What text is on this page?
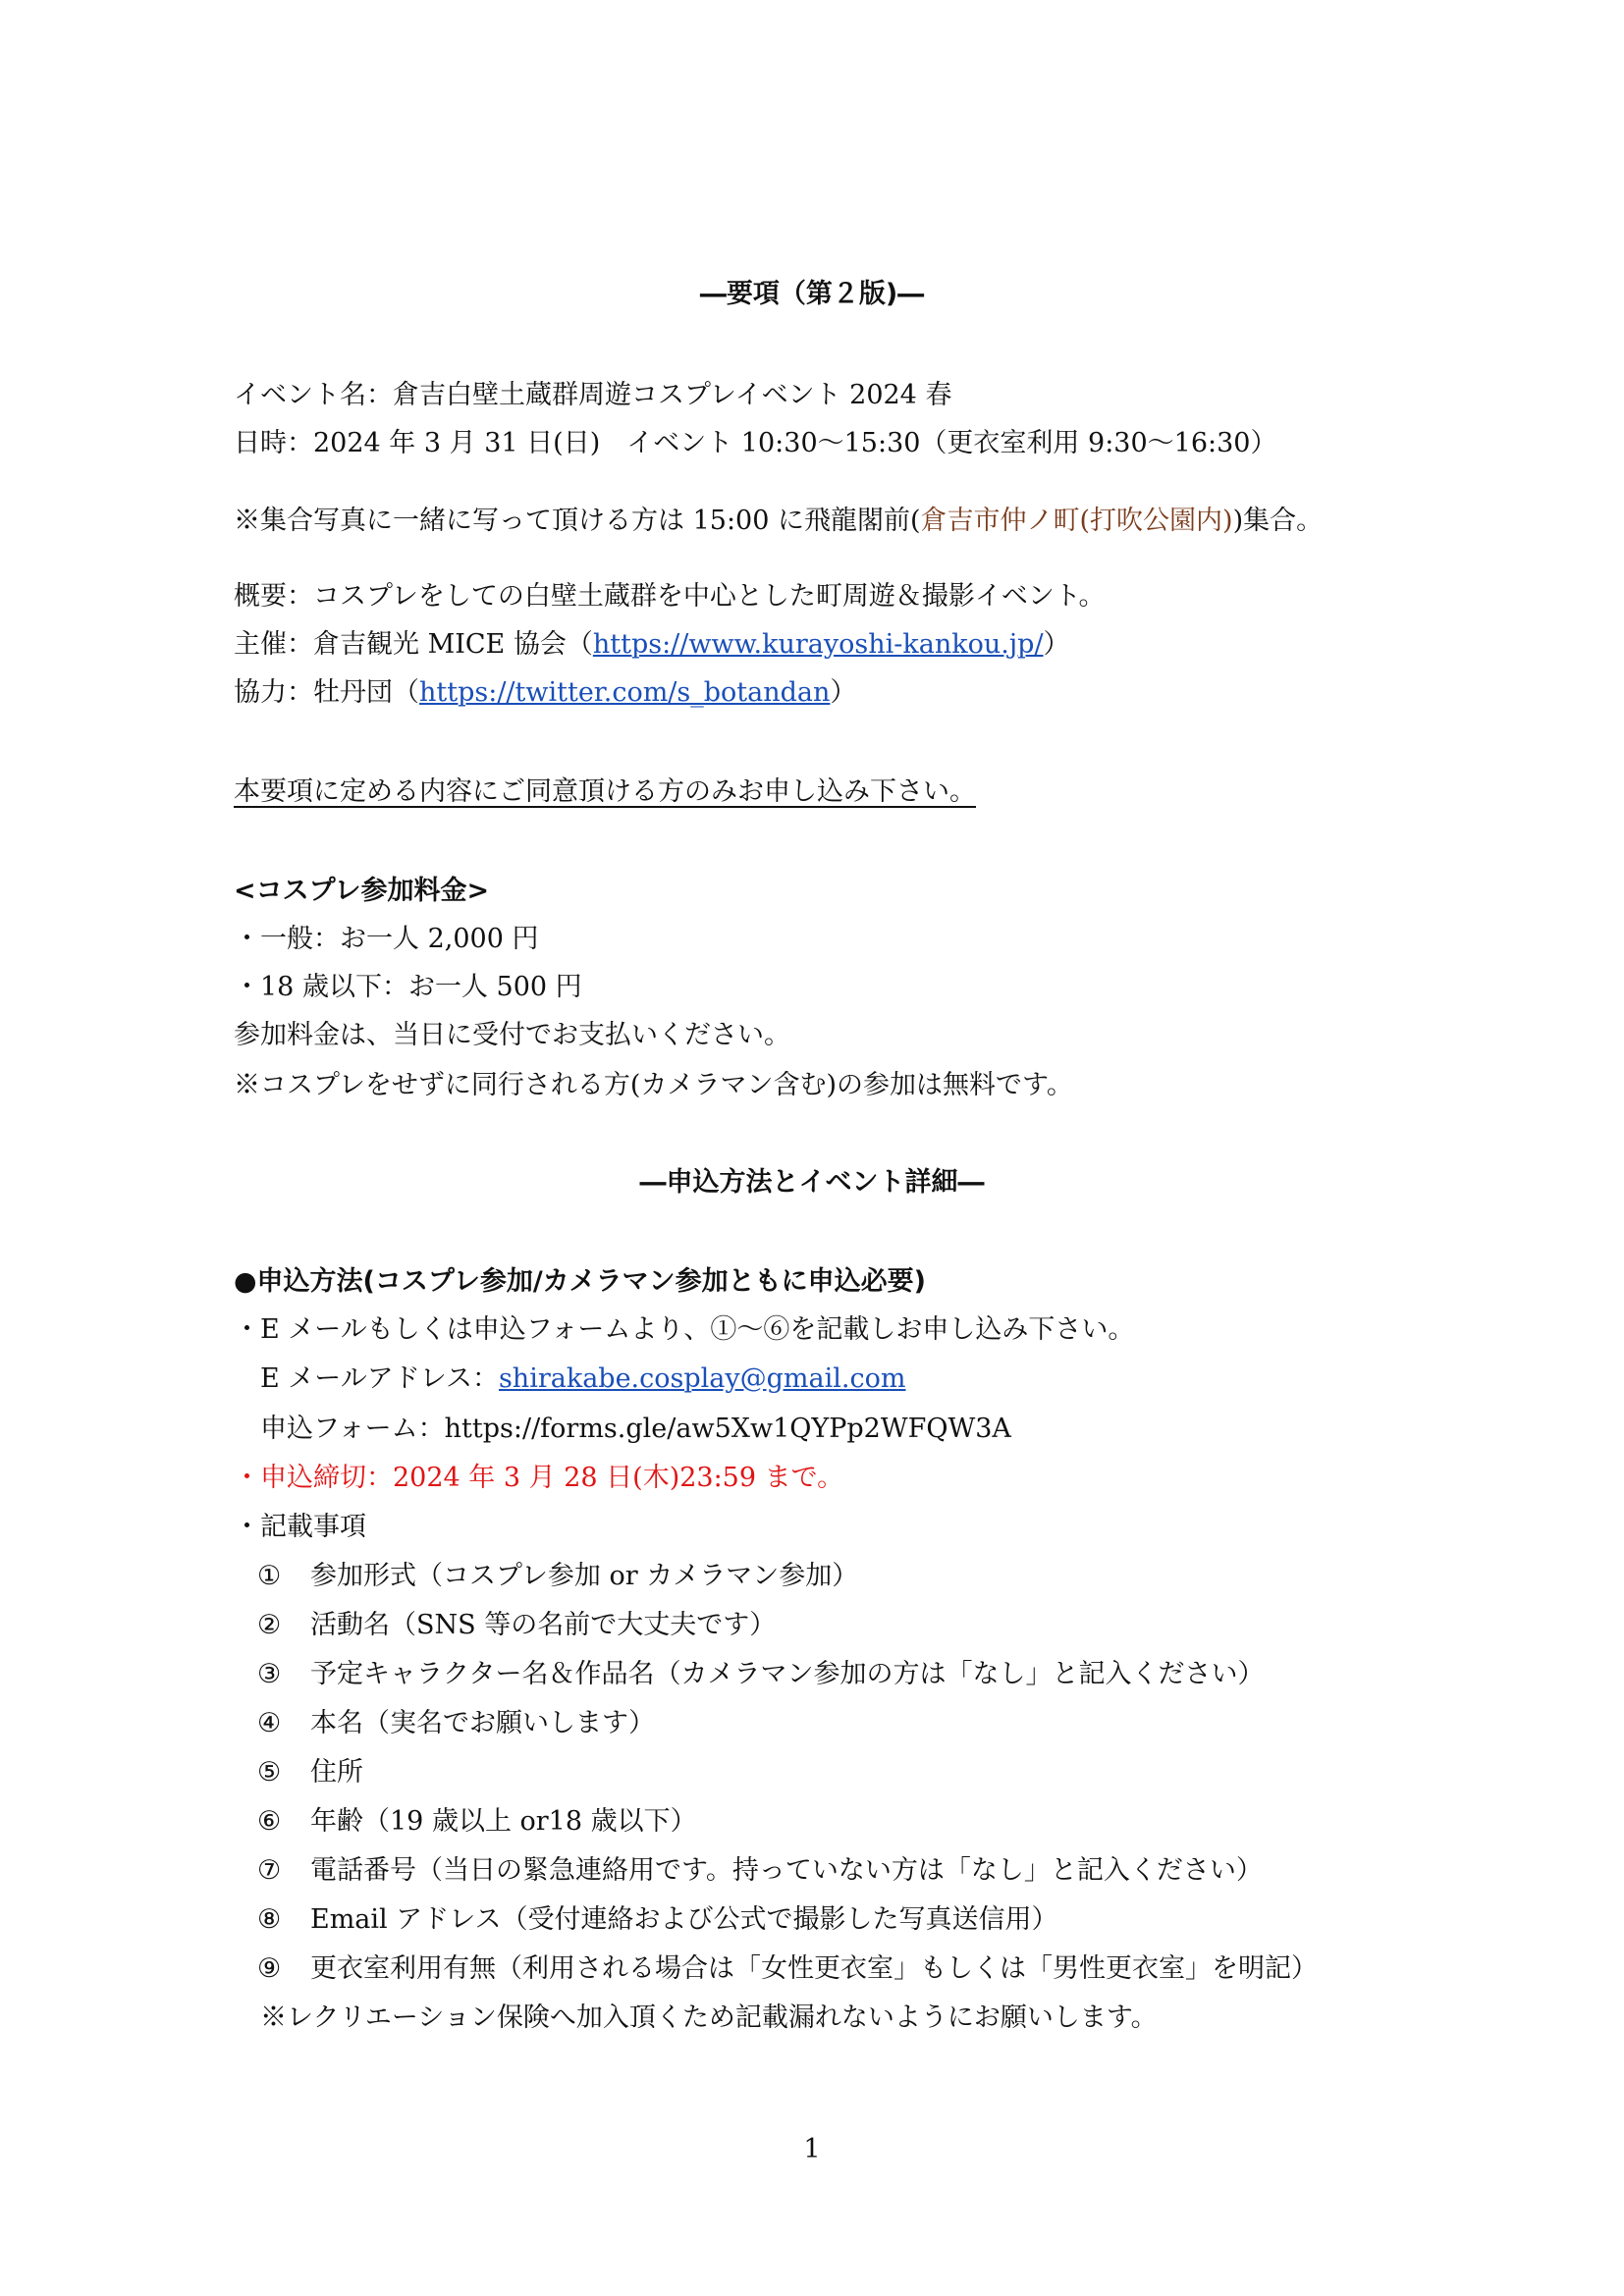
―要項（第２版)―
イベント名：倉吉白壁土蔵群周遊コスプレイベント 2024 春
日時：2024 年 3 月 31 日(日)　イベント 10:30～15:30（更衣室利用 9:30～16:30）
※集合写真に一緒に写って頂ける方は 15:00 に飛龍閣前(倉吉市仲ノ町(打吹公園内))集合。
概要：コスプレをしての白壁土蔵群を中心とした町周遊＆撮影イベント。
主催：倉吉観光 MICE 協会（https://www.kurayoshi-kankou.jp/）
協力：牡丹団（https://twitter.com/s_botandan）
本要項に定める内容にご同意頂ける方のみお申し込み下さい。
<コスプレ参加料金>
・一般：お一人 2,000 円
・18 歳以下：お一人 500 円
参加料金は、当日に受付でお支払いください。
※コスプレをせずに同行される方(カメラマン含む)の参加は無料です。
―申込方法とイベント詳細―
●申込方法(コスプレ参加/カメラマン参加ともに申込必要)
・E メールもしくは申込フォームより、①～⑥を記載しお申し込み下さい。
E メールアドレス：shirakabe.cosplay@gmail.com
申込フォーム：https://forms.gle/aw5Xw1QYPp2WFQW3A
・申込締切：2024 年 3 月 28 日(木)23:59 まで。
・記載事項
① 参加形式（コスプレ参加 or カメラマン参加）
② 活動名（SNS 等の名前で大丈夫です）
③ 予定キャラクター名＆作品名（カメラマン参加の方は「なし」と記入ください）
④ 本名（実名でお願いします）
⑤ 住所
⑥ 年齢（19 歳以上 or18 歳以下）
⑦ 電話番号（当日の緊急連絡用です。持っていない方は「なし」と記入ください）
⑧ Email アドレス（受付連絡および公式で撮影した写真送信用）
⑨ 更衣室利用有無（利用される場合は「女性更衣室」もしくは「男性更衣室」を明記）
※レクリエーション保険へ加入頂くため記載漏れないようにお願いします。
1
